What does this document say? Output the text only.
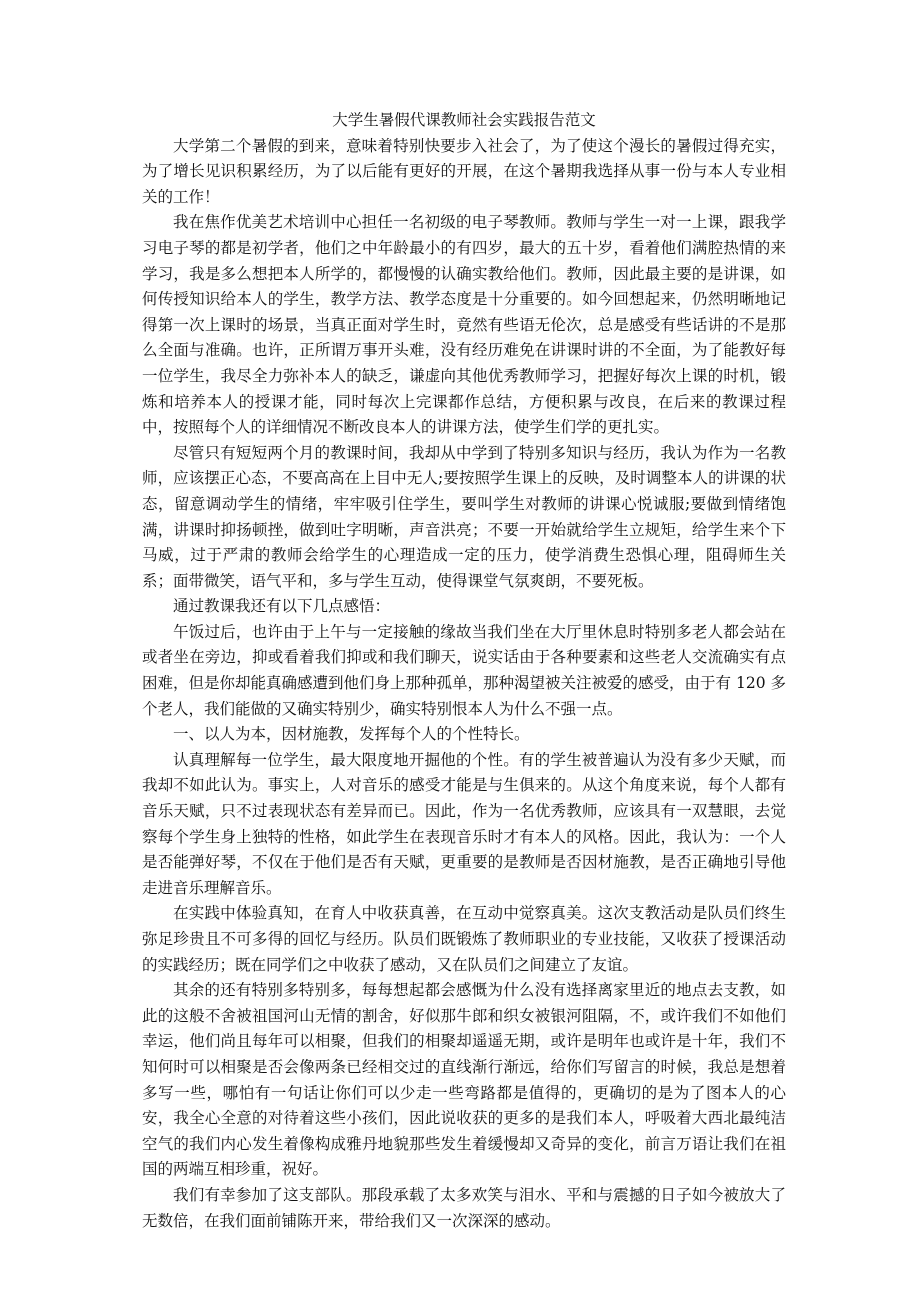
大学生暑假代课教师社会实践报告范文

大学第二个暑假的到来，意味着特别快要步入社会了，为了使这个漫长的暑假过得充实，为了增长见识积累经历，为了以后能有更好的开展，在这个暑期我选择从事一份与本人专业相关的工作！

我在焦作优美艺术培训中心担任一名初级的电子琴教师。教师与学生一对一上课，跟我学习电子琴的都是初学者，他们之中年龄最小的有四岁，最大的五十岁，看着他们满腔热情的来学习，我是多么想把本人所学的，都慢慢的认确实教给他们。教师，因此最主要的是讲课，如何传授知识给本人的学生，教学方法、教学态度是十分重要的。如今回想起来，仍然明晰地记得第一次上课时的场景，当真正面对学生时，竟然有些语无伦次，总是感受有些话讲的不是那么全面与准确。也许，正所谓万事开头难，没有经历难免在讲课时讲的不全面，为了能教好每一位学生，我尽全力弥补本人的缺乏，谦虚向其他优秀教师学习，把握好每次上课的时机，锻炼和培养本人的授课才能，同时每次上完课都作总结，方便积累与改良，在后来的教课过程中，按照每个人的详细情况不断改良本人的讲课方法，使学生们学的更扎实。

尽管只有短短两个月的教课时间，我却从中学到了特别多知识与经历，我认为作为一名教师，应该摆正心态，不要高高在上目中无人;要按照学生课上的反映，及时调整本人的讲课的状态，留意调动学生的情绪，牢牢吸引住学生，要叫学生对教师的讲课心悦诚服;要做到情绪饱满，讲课时抑扬顿挫，做到吐字明晰，声音洪亮；不要一开始就给学生立规矩，给学生来个下马威，过于严肃的教师会给学生的心理造成一定的压力，使学消费生恐惧心理，阻碍师生关系；面带微笑，语气平和，多与学生互动，使得课堂气氛爽朗，不要死板。

通过教课我还有以下几点感悟：

午饭过后，也许由于上午与一定接触的缘故当我们坐在大厅里休息时特别多老人都会站在或者坐在旁边，抑或看着我们抑或和我们聊天，说实话由于各种要素和这些老人交流确实有点困难，但是你却能真确感遭到他们身上那种孤单，那种渴望被关注被爱的感受，由于有 120 多个老人，我们能做的又确实特别少，确实特别恨本人为什么不强一点。

一、以人为本，因材施教，发挥每个人的个性特长。

认真理解每一位学生，最大限度地开掘他的个性。有的学生被普遍认为没有多少天赋，而我却不如此认为。事实上，人对音乐的感受才能是与生俱来的。从这个角度来说，每个人都有音乐天赋，只不过表现状态有差异而已。因此，作为一名优秀教师，应该具有一双慧眼，去觉察每个学生身上独特的性格，如此学生在表现音乐时才有本人的风格。因此，我认为：一个人是否能弹好琴，不仅在于他们是否有天赋，更重要的是教师是否因材施教，是否正确地引导他走进音乐理解音乐。

在实践中体验真知，在育人中收获真善，在互动中觉察真美。这次支教活动是队员们终生弥足珍贵且不可多得的回忆与经历。队员们既锻炼了教师职业的专业技能，又收获了授课活动的实践经历；既在同学们之中收获了感动，又在队员们之间建立了友谊。

其余的还有特别多特别多，每每想起都会感慨为什么没有选择离家里近的地点去支教，如此的这般不舍被祖国河山无情的割舍，好似那牛郎和织女被银河阻隔，不，或许我们不如他们幸运，他们尚且每年可以相聚，但我们的相聚却遥遥无期，或许是明年也或许是十年，我们不知何时可以相聚是否会像两条已经相交过的直线渐行渐远，给你们写留言的时候，我总是想着多写一些，哪怕有一句话让你们可以少走一些弯路都是值得的，更确切的是为了图本人的心安，我全心全意的对待着这些小孩们，因此说收获的更多的是我们本人，呼吸着大西北最纯洁空气的我们内心发生着像构成雅丹地貌那些发生着缓慢却又奇异的变化，前言万语让我们在祖国的两端互相珍重，祝好。

我们有幸参加了这支部队。那段承载了太多欢笑与泪水、平和与震撼的日子如今被放大了无数倍，在我们面前铺陈开来，带给我们又一次深深的感动。
